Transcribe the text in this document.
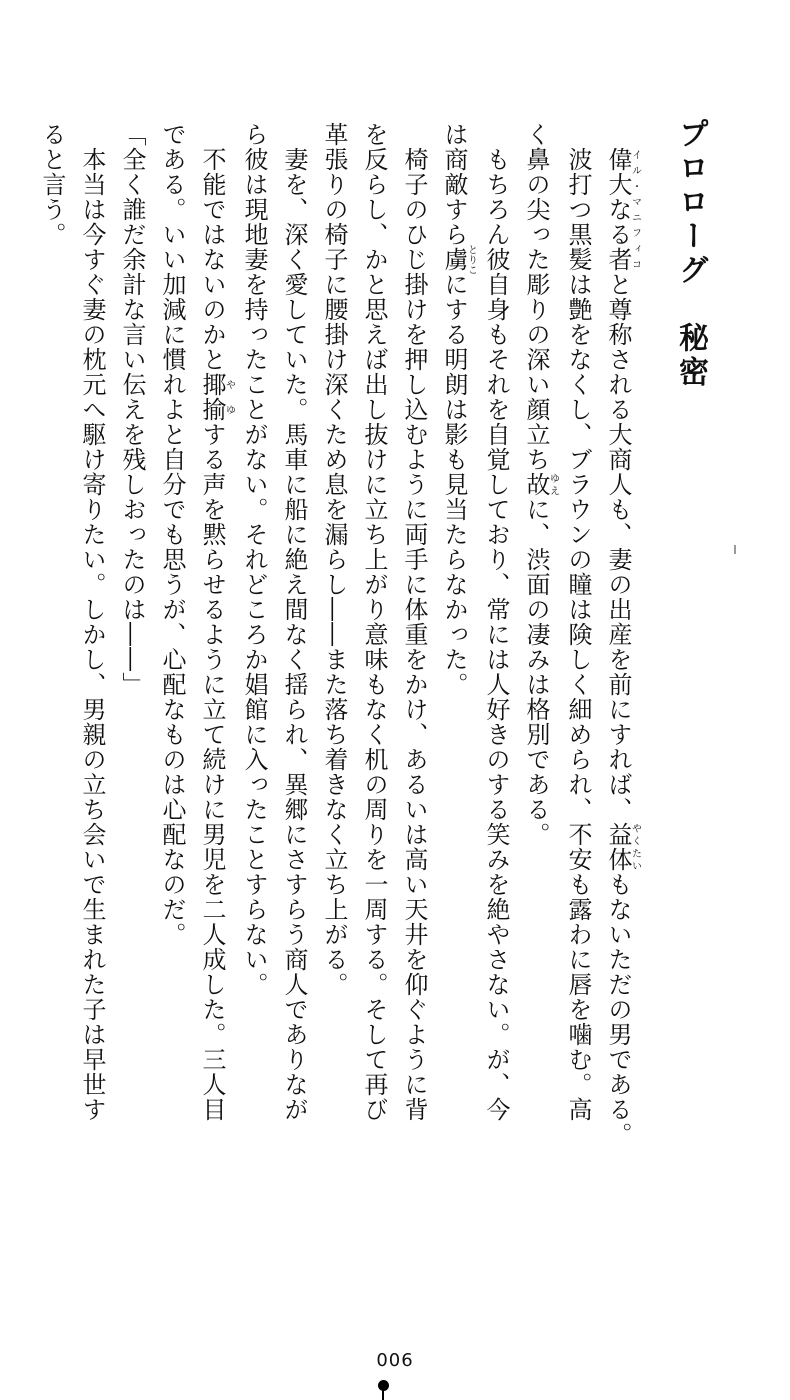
プロローグ　秘密
　偉大なる者イル・マニフィコと尊称される大商人も、妻の出産を前にすれば、益体やくたいもないただの男である。
　波打つ黒髪は艶をなくし、ブラウンの瞳は険しく細められ、不安も露わに唇を噛む。高
く鼻の尖った彫りの深い顔立ち故ゆえに、渋面の凄みは格別である。
　もちろん彼自身もそれを自覚しており、常には人好きのする笑みを絶やさない。が、今
は商敵すら虜とりこにする明朗は影も見当たらなかった。
　椅子のひじ掛けを押し込むように両手に体重をかけ、あるいは高い天井を仰ぐように背
を反らし、かと思えば出し抜けに立ち上がり意味もなく机の周りを一周する。そして再び
革張りの椅子に腰掛け深くため息を漏らし――また落ち着きなく立ち上がる。
　妻を、深く愛していた。馬車に船に絶え間なく揺られ、異郷にさすらう商人でありなが
ら彼は現地妻を持ったことがない。それどころか娼館に入ったことすらない。
　不能ではないのかと揶揄やゆする声を黙らせるように立て続けに男児を二人成した。三人目
である。いい加減に慣れよと自分でも思うが、心配なものは心配なのだ。
「全く誰だ余計な言い伝えを残しおったのは――」
　本当は今すぐ妻の枕元へ駆け寄りたい。しかし、男親の立ち会いで生まれた子は早世す
ると言う。
006
